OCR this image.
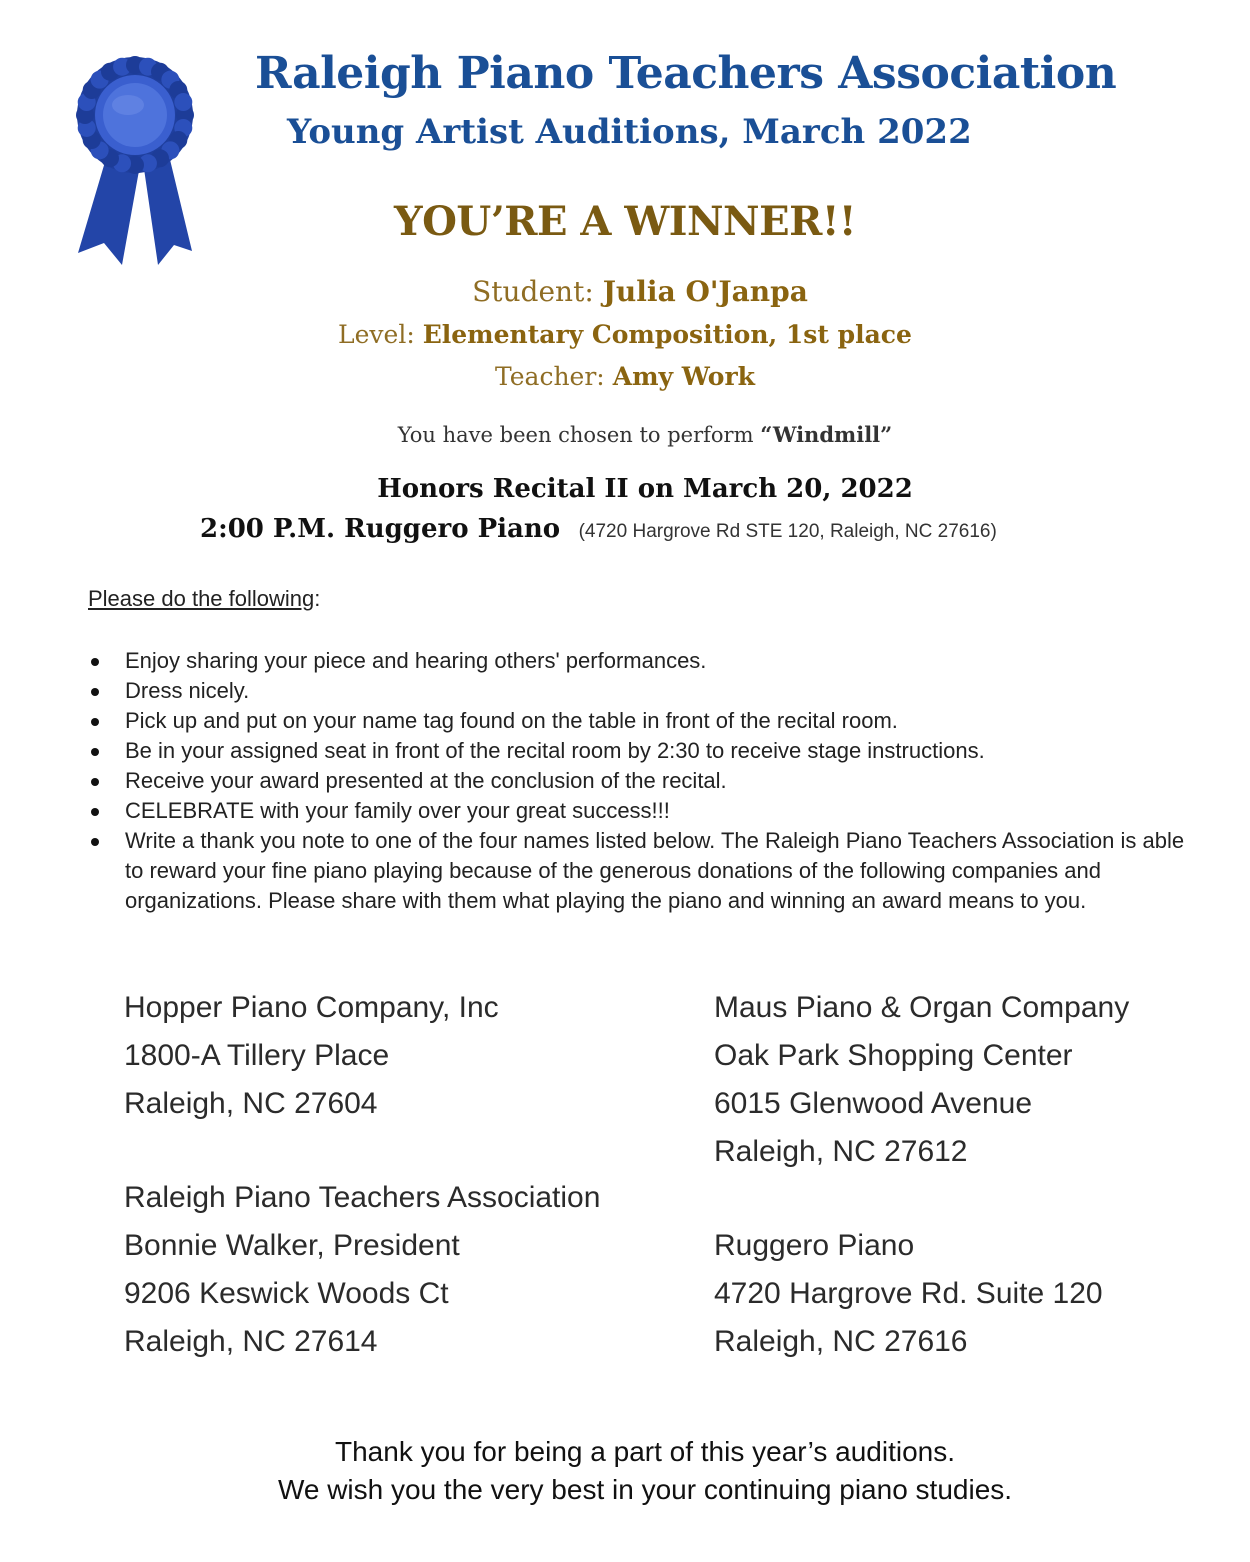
Raleigh Piano Teachers Association
Young Artist Auditions, March 2022
YOU’RE A WINNER!!
Student: Julia O'Janpa
Level: Elementary Composition, 1st place
Teacher: Amy Work
You have been chosen to perform “Windmill”
Honors Recital II on March 20, 2022
2:00 P.M. Ruggero Piano (4720 Hargrove Rd STE 120, Raleigh, NC 27616)
Please do the following:
Enjoy sharing your piece and hearing others' performances.
Dress nicely.
Pick up and put on your name tag found on the table in front of the recital room.
Be in your assigned seat in front of the recital room by 2:30 to receive stage instructions.
Receive your award presented at the conclusion of the recital.
CELEBRATE with your family over your great success!!!
Write a thank you note to one of the four names listed below. The Raleigh Piano Teachers Association is able to reward your fine piano playing because of the generous donations of the following companies and organizations. Please share with them what playing the piano and winning an award means to you.
Hopper Piano Company, Inc
1800-A Tillery Place
Raleigh, NC 27604
Maus Piano & Organ Company
Oak Park Shopping Center
6015 Glenwood Avenue
Raleigh, NC 27612
Raleigh Piano Teachers Association
Bonnie Walker, President
9206 Keswick Woods Ct
Raleigh, NC 27614
Ruggero Piano
4720 Hargrove Rd. Suite 120
Raleigh, NC 27616
Thank you for being a part of this year’s auditions.
We wish you the very best in your continuing piano studies.
